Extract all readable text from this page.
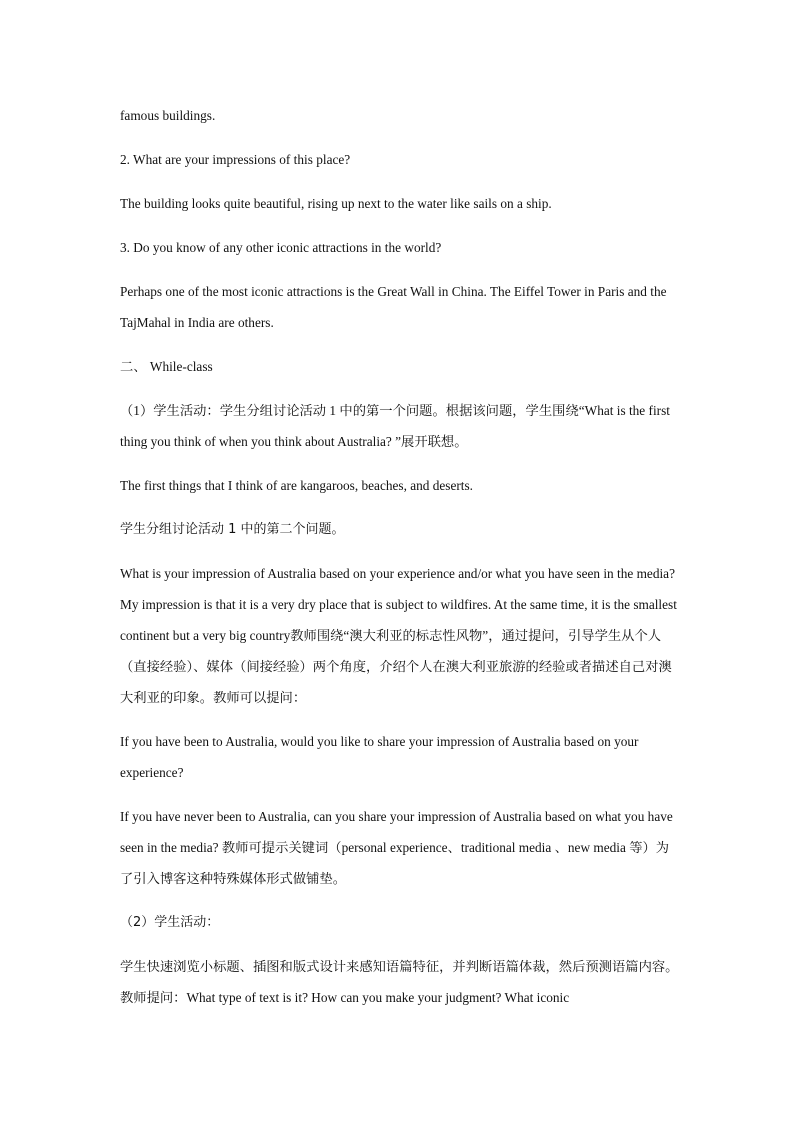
famous buildings.

2. What are your impressions of this place?

The building looks quite beautiful, rising up next to the water like sails on a ship.

3. Do you know of any other iconic attractions in the world?

Perhaps one of the most iconic attractions is the Great Wall in China. The Eiffel Tower in Paris and the TajMahal in India are others.

二、 While-class

（1）学生活动：学生分组讨论活动 1 中的第一个问题。根据该问题，学生围绕“What is the first thing you think of when you think about Australia? ”展开联想。

The first things that I think of are kangaroos, beaches, and deserts.

学生分组讨论活动 1 中的第二个问题。

What is your impression of Australia based on your experience and/or what you have seen in the media?My impression is that it is a very dry place that is subject to wildfires. At the same time, it is the smallest continent but a very big country教师围绕“澳大利亚的标志性风物”，通过提问，引导学生从个人（直接经验）、媒体（间接经验）两个角度，介绍个人在澳大利亚旅游的经验或者描述自己对澳大利亚的印象。教师可以提问：

If you have been to Australia, would you like to share your impression of Australia based on your experience?

If you have never been to Australia, can you share your impression of Australia based on what you have seen in the media? 教师可提示关键词（personal experience、traditional media 、new media 等）为了引入博客这种特殊媒体形式做铺垫。

（2）学生活动：

学生快速浏览小标题、插图和版式设计来感知语篇特征，并判断语篇体裁，然后预测语篇内容。教师提问：What type of text is it? How can you make your judgment? What iconic
